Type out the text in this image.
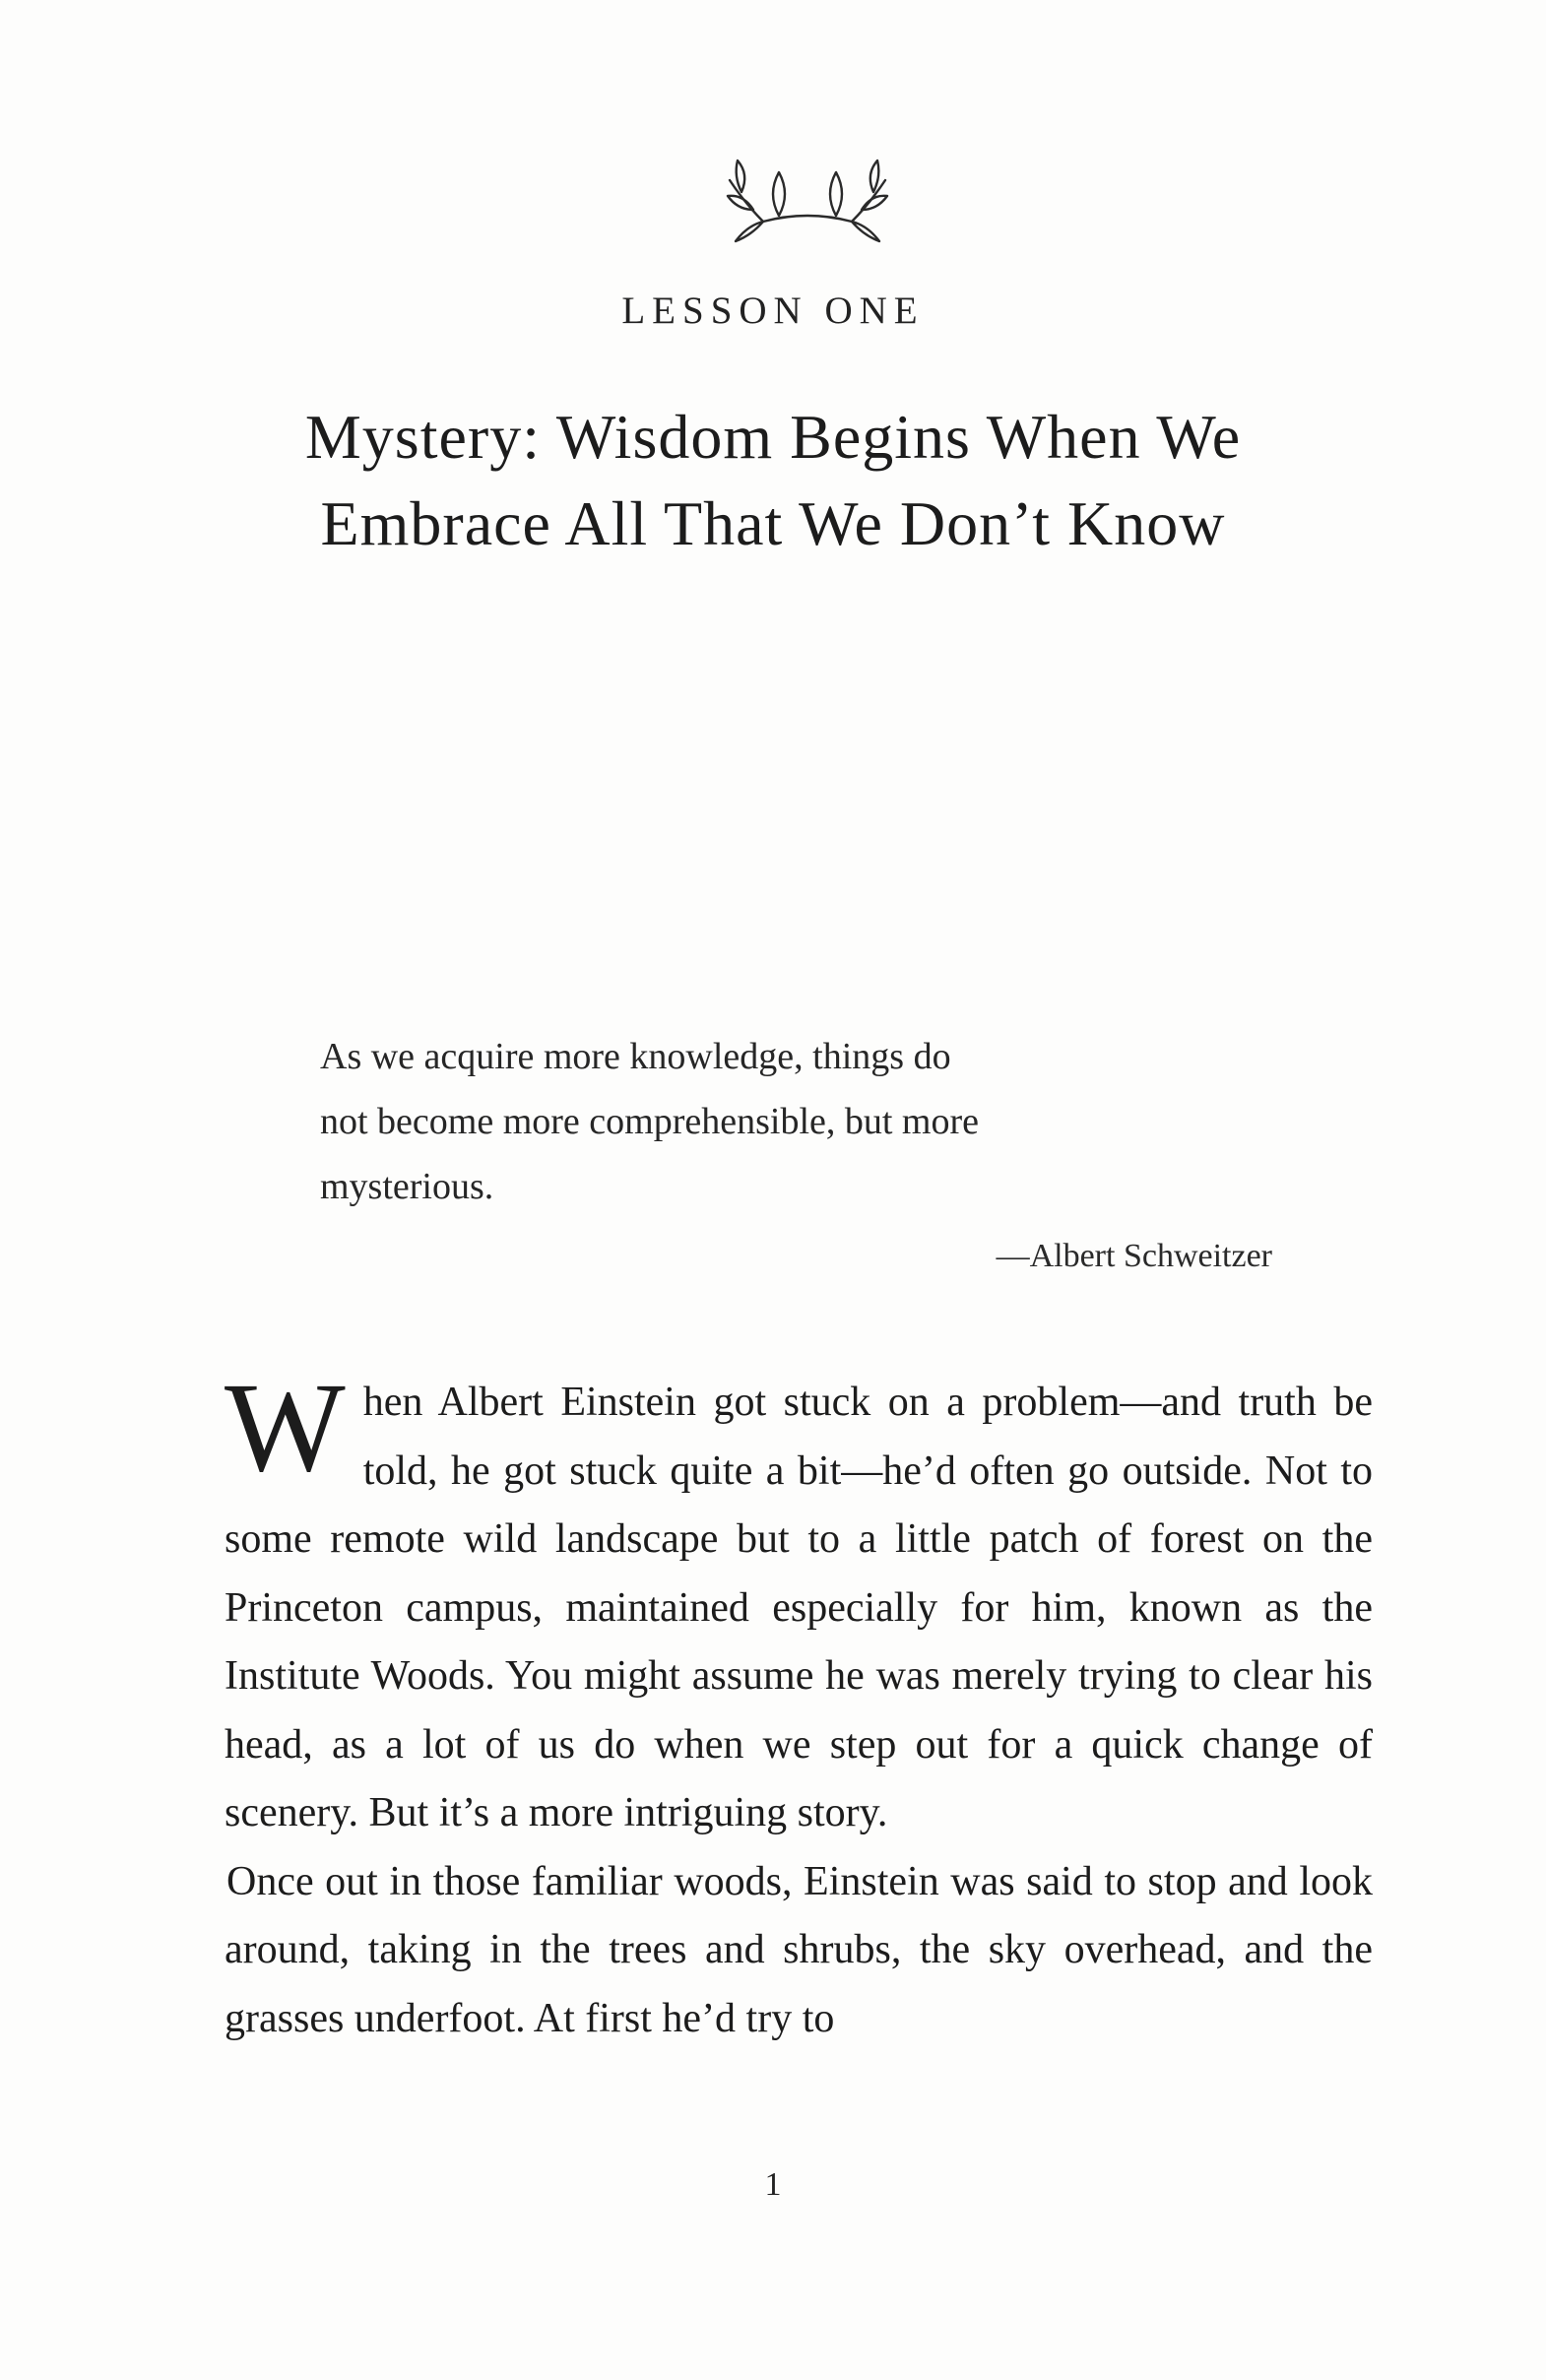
LESSON ONE
Mystery: Wisdom Begins When We
Embrace All That We Don’t Know

As we acquire more knowledge, things do

not become more comprehensible, but more

mysterious.

—Albert Schweitzer

When Albert Einstein got stuck on a problem—and truth be told, he got stuck quite a bit—he’d often go outside. Not to some remote wild landscape but to a little patch of forest on the Princeton campus, maintained especially for him, known as the Institute Woods. You might assume he was merely trying to clear his head, as a lot of us do when we step out for a quick change of scenery. But it’s a more intriguing story.

Once out in those familiar woods, Einstein was said to stop and look around, taking in the trees and shrubs, the sky overhead, and the grasses underfoot. At first he’d try to

1
